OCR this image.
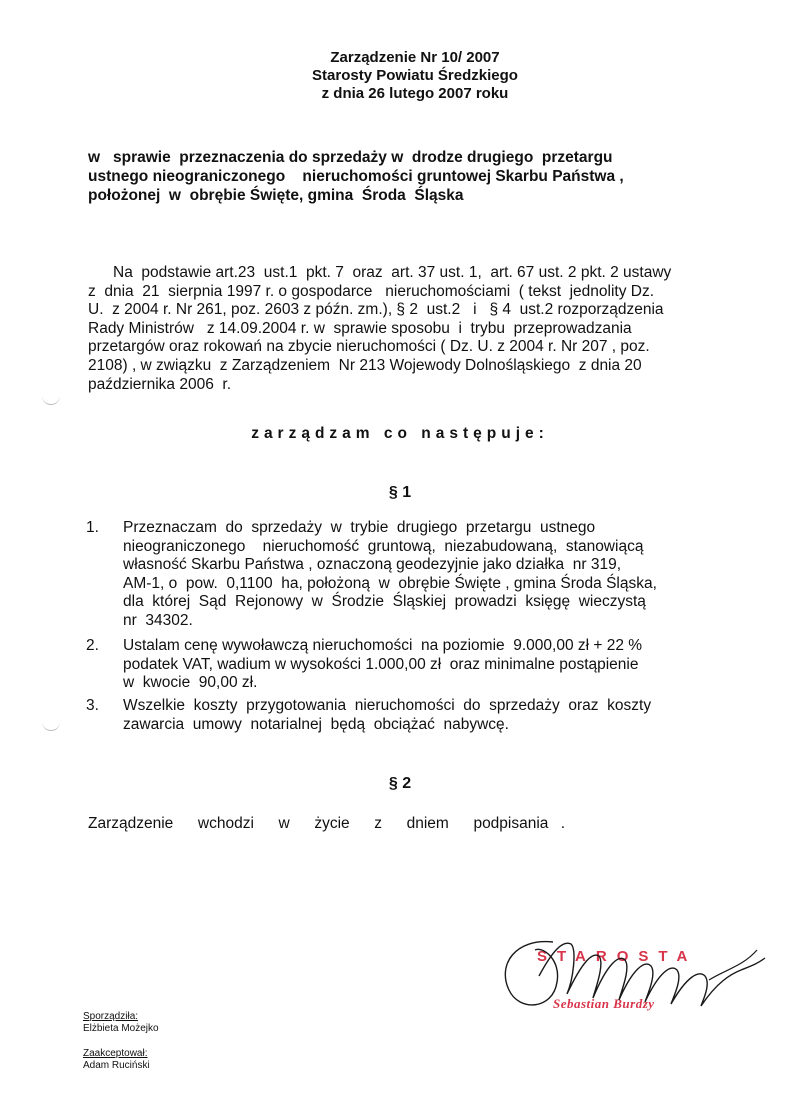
Zarządzenie Nr 10/ 2007
Starosty Powiatu Średzkiego
z dnia 26 lutego 2007 roku
w   sprawie  przeznaczenia do sprzedaży w  drodze drugiego  przetargu
ustnego nieograniczonego    nieruchomości gruntowej Skarbu Państwa ,
położonej  w  obrębie Święte, gmina  Środa  Śląska
Na  podstawie art.23  ust.1  pkt. 7  oraz  art. 37 ust. 1,  art. 67 ust. 2 pkt. 2 ustawy
z  dnia  21  sierpnia 1997 r. o gospodarce   nieruchomościami  ( tekst  jednolity Dz.
U.  z 2004 r. Nr 261, poz. 2603 z późn. zm.), § 2  ust.2   i   § 4  ust.2 rozporządzenia
Rady Ministrów   z 14.09.2004 r. w  sprawie sposobu  i  trybu  przeprowadzania
przetargów oraz rokowań na zbycie nieruchomości ( Dz. U. z 2004 r. Nr 207 , poz.
2108) , w związku  z Zarządzeniem  Nr 213 Wojewody Dolnośląskiego  z dnia 20
października 2006  r.
zarządzam co następuje:
§ 1
1. Przeznaczam  do  sprzedaży  w  trybie  drugiego  przetargu  ustnego
nieograniczonego    nieruchomość  gruntową,  niezabudowaną,  stanowiącą
własność Skarbu Państwa , oznaczoną geodezyjnie jako działka  nr 319,
AM-1, o  pow.  0,1100  ha, położoną  w  obrębie Święte , gmina Środa Śląska,
dla  której  Sąd  Rejonowy  w  Środzie  Śląskiej  prowadzi  księgę  wieczystą
nr  34302.
2. Ustalam cenę wywoławczą nieruchomości  na poziomie  9.000,00 zł + 22 %
podatek VAT, wadium w wysokości 1.000,00 zł  oraz minimalne postąpienie
w  kwocie  90,00 zł.
3. Wszelkie  koszty  przygotowania  nieruchomości  do  sprzedaży  oraz  koszty
zawarcia  umowy  notarialnej  będą  obciążać  nabywcę.
§ 2
Zarządzenie  wchodzi  w  życie  z  dniem  podpisania .
STAROSTA
Sebastian Burdzy
Sporządziła:
Elżbieta Możejko
Zaakceptował:
Adam Ruciński
